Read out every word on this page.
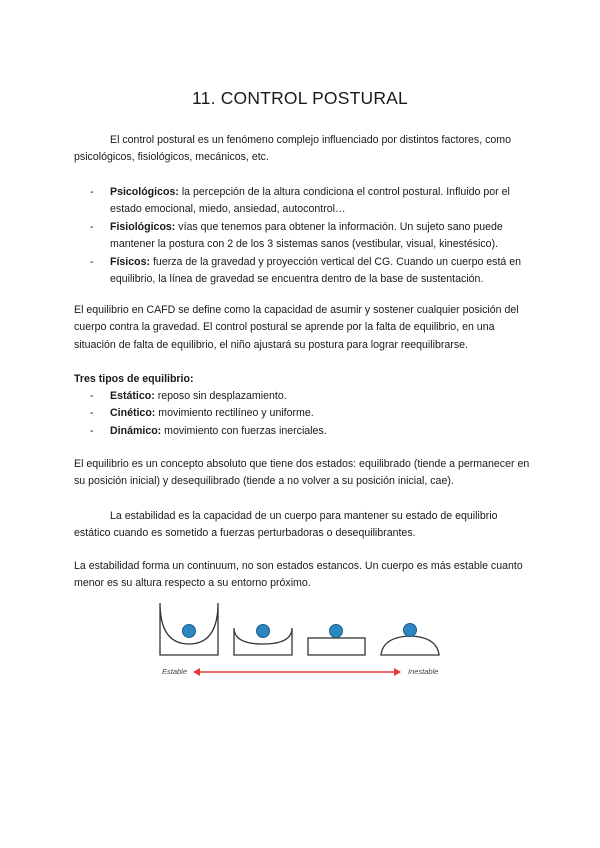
11. CONTROL POSTURAL

El control postural es un fenómeno complejo influenciado por distintos factores, como psicológicos, fisiológicos, mecánicos, etc.

- Psicológicos: la percepción de la altura condiciona el control postural. Influido por el estado emocional, miedo, ansiedad, autocontrol…
- Fisiológicos: vías que tenemos para obtener la información. Un sujeto sano puede mantener la postura con 2 de los 3 sistemas sanos (vestibular, visual, kinestésico).
- Físicos: fuerza de la gravedad y proyección vertical del CG. Cuando un cuerpo está en equilibrio, la línea de gravedad se encuentra dentro de la base de sustentación.

El equilibrio en CAFD se define como la capacidad de asumir y sostener cualquier posición del cuerpo contra la gravedad. El control postural se aprende por la falta de equilibrio, en una situación de falta de equilibrio, el niño ajustará su postura para lograr reequilibrarse.

Tres tipos de equilibrio:

- Estático: reposo sin desplazamiento.
- Cinético: movimiento rectilíneo y uniforme.
- Dinámico: movimiento con fuerzas inerciales.

El equilibrio es un concepto absoluto que tiene dos estados: equilibrado (tiende a permanecer en su posición inicial) y desequilibrado (tiende a no volver a su posición inicial, cae).

La estabilidad es la capacidad de un cuerpo para mantener su estado de equilibrio estático cuando es sometido a fuerzas perturbadoras o desequilibrantes.

La estabilidad forma un continuum, no son estados estancos. Un cuerpo es más estable cuanto menor es su altura respecto a su entorno próximo.

Estable	Inestable
